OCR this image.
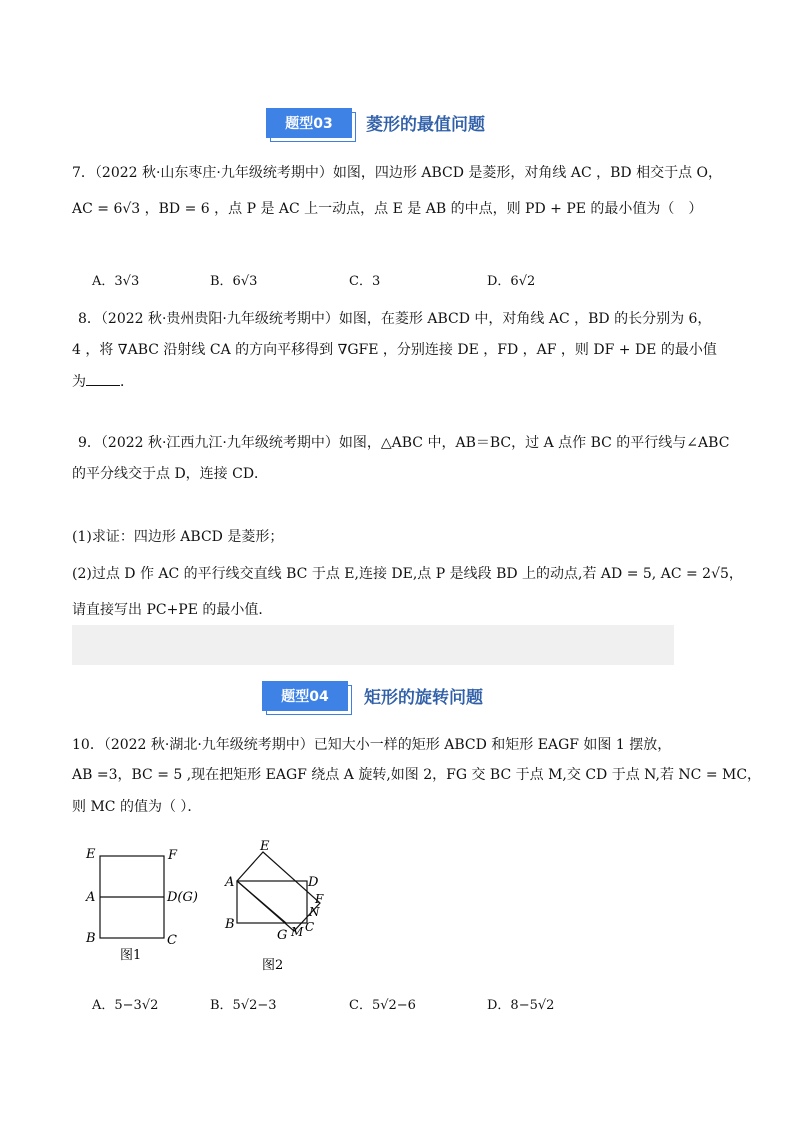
题型03	菱形的最值问题
7．（2022 秋·山东枣庄·九年级统考期中）如图，四边形 ABCD 是菱形，对角线 AC ，BD 相交于点 O，
AC = 6√3 ，BD = 6 ，点 P 是 AC 上一动点，点 E 是 AB 的中点，则 PD + PE 的最小值为（　）
A．3√3	B．6√3	C．3	D．6√2
8．（2022 秋·贵州贵阳·九年级统考期中）如图，在菱形 ABCD 中，对角线 AC ，BD 的长分别为 6，
4 ，将 ∇ABC 沿射线 CA 的方向平移得到 ∇GFE ，分别连接 DE ，FD ，AF ，则 DF + DE 的最小值
为 ．
9．（2022 秋·江西九江·九年级统考期中）如图，△ABC 中，AB＝BC，过 A 点作 BC 的平行线与∠ABC
的平分线交于点 D，连接 CD．
(1)求证：四边形 ABCD 是菱形；
(2)过点 D 作 AC 的平行线交直线 BC 于点 E,连接 DE,点 P 是线段 BD 上的动点,若 AD = 5, AC = 2√5，
请直接写出 PC+PE 的最小值．
题型04	矩形的旋转问题
10．（2022 秋·湖北·九年级统考期中）已知大小一样的矩形 ABCD 和矩形 EAGF 如图 1 摆放，
AB =3，BC = 5 ,现在把矩形 EAGF 绕点 A 旋转,如图 2，FG 交 BC 于点 M,交 CD 于点 N,若 NC = MC，
则 MC 的值为（ ）．
E	F
A	D(G)
B	C
图1
E
A	D
F
N
B
G M C
图2
A．5−3√2	B．5√2−3	C．5√2−6	D．8−5√2
